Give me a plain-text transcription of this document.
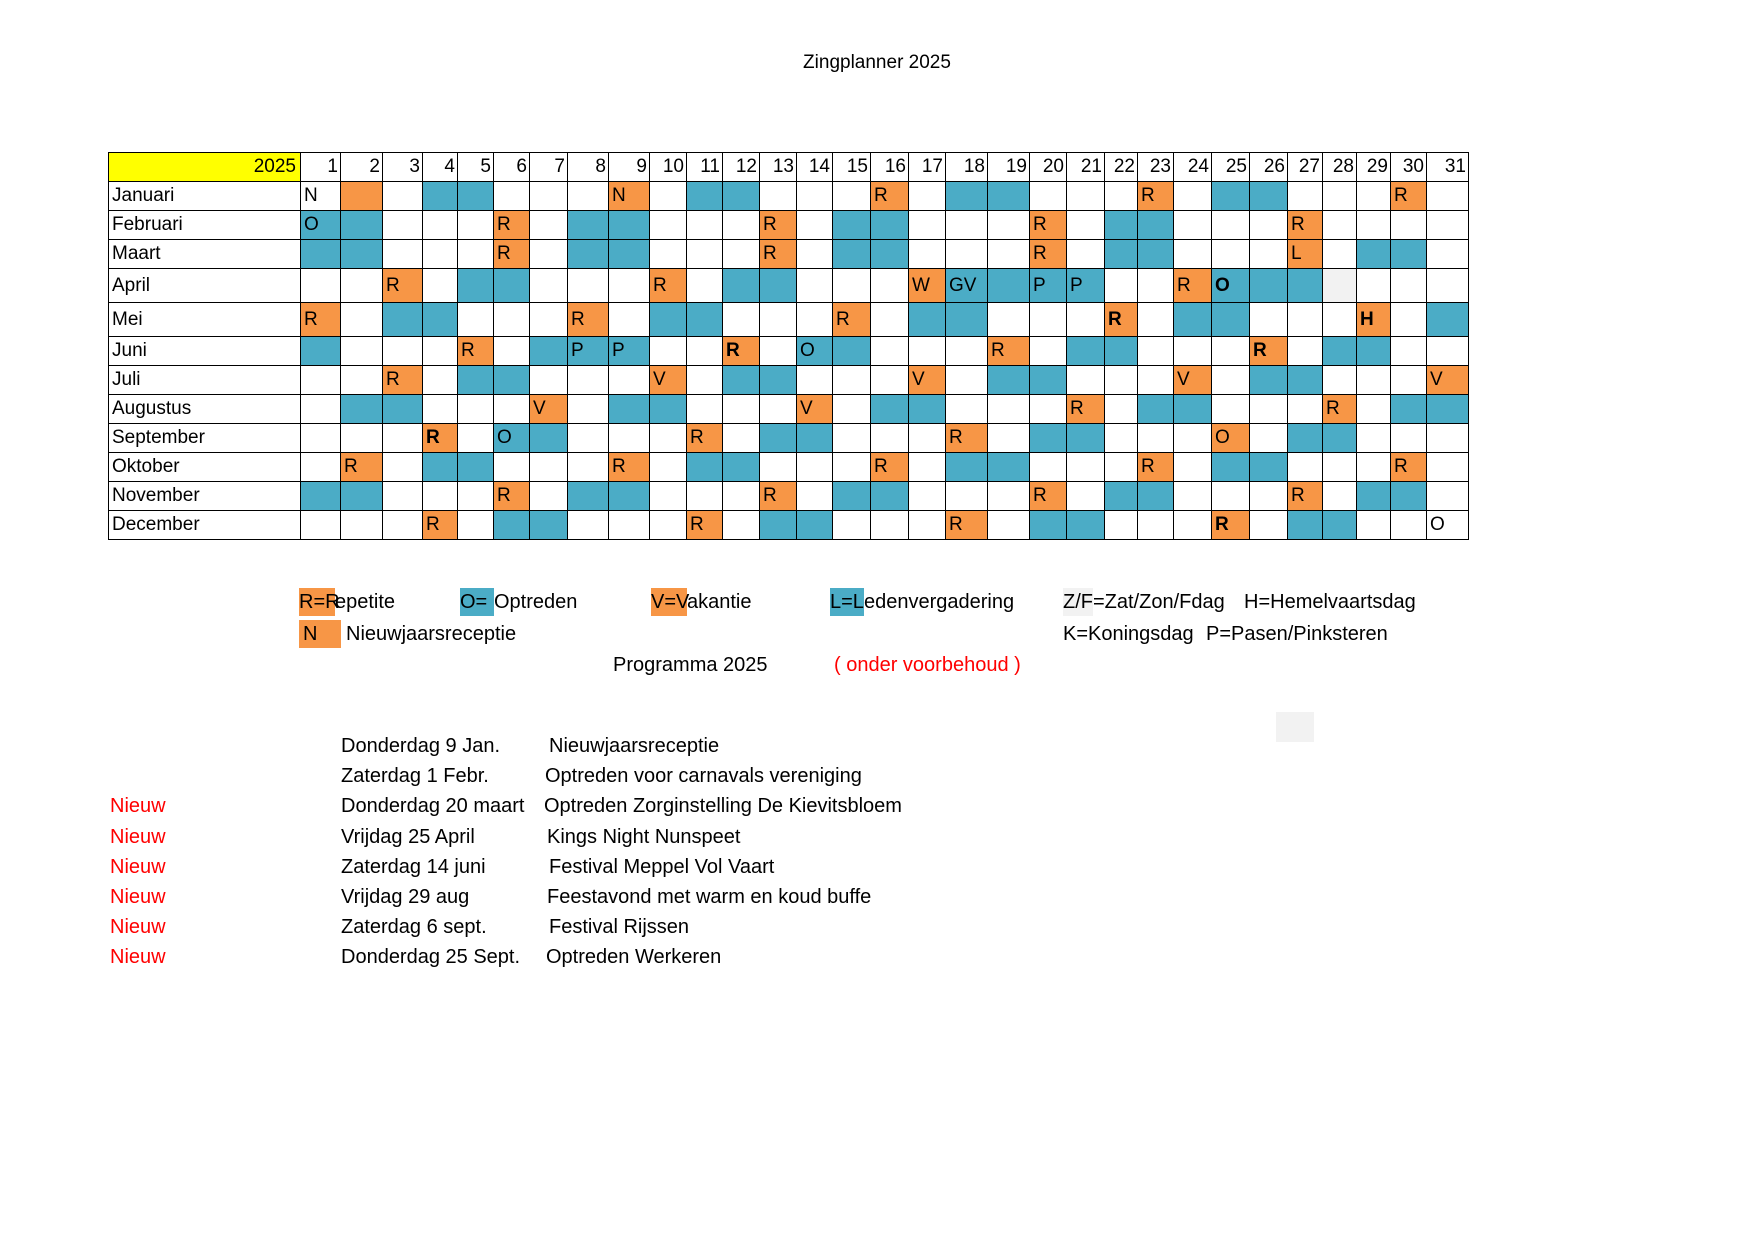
Zingplanner 2025
2025	1	2	3	4	5	6	7	8	9	10	11	12	13	14	15	16	17	18	19	20	21	22	23	24	25	26	27	28	29	30	31
Januari	N								N							R							R							R	
Februari	O					R							R							R							R				
Maart						R							R							R							L				
April			R							R							W	GV		P	P			R	O						
Mei	R							R							R							R							H		
Juni					R			P	P			R		O					R							R					
Juli			R							V							V							V							V
Augustus							V							V							R							R			
September				R		O					R							R							O						
Oktober		R							R							R							R							R	
November						R							R							R							R				
December				R							R							R							R						O
R=Repetite	O= Optreden	V=Vakantie	L=Ledenvergadering Z/F=Zat/Zon/Fdag H=Hemelvaartsdag
N	Nieuwjaarsreceptie	K=Koningsdag P=Pasen/Pinksteren
Programma 2025	( onder voorbehoud )
Donderdag 9 Jan. Nieuwjaarsreceptie
Zaterdag 1 Febr.	Optreden voor carnavals vereniging
Nieuw	Donderdag 20 maart Optreden Zorginstelling De Kievitsbloem
Nieuw	Vrijdag 25 April	Kings Night Nunspeet
Nieuw	Zaterdag 14 juni	Festival Meppel Vol Vaart
Nieuw	Vrijdag 29 aug	Feestavond met warm en koud buffe
Nieuw	Zaterdag 6 sept.	Festival Rijssen
Nieuw	Donderdag 25 Sept. Optreden Werkeren
